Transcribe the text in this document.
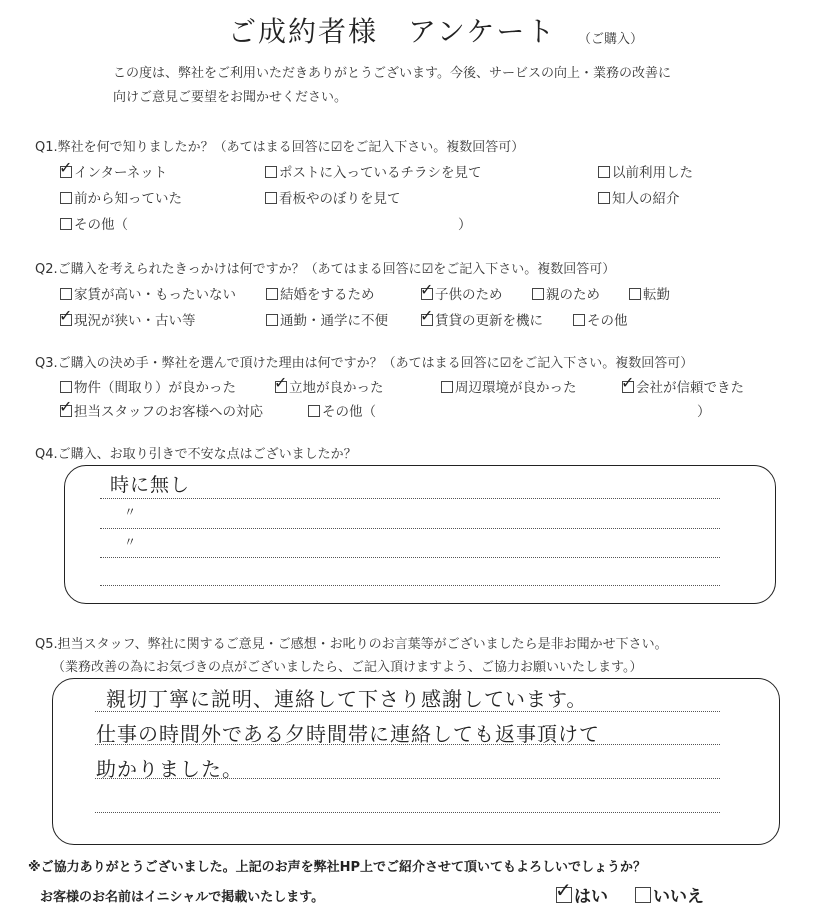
ご成約者様　アンケート （ご購入）
この度は、弊社をご利用いただきありがとうございます。今後、サービスの向上・業務の改善に
向けご意見ご要望をお聞かせください。
Q1.弊社を何で知りましたか？（あてはまる回答に☑をご記入下さい。複数回答可）
✓インターネット	ポストに入っているチラシを見て	以前利用した
前から知っていた	看板やのぼりを見て	知人の紹介
その他（	）
Q2.ご購入を考えられたきっかけは何ですか？（あてはまる回答に☑をご記入下さい。複数回答可）
家賃が高い・もったいない	結婚をするため ✓	子供のため	親のため	転勤
✓現況が狭い・古い等	通勤・通学に不便 ✓	賃貸の更新を機に	その他
Q3.ご購入の決め手・弊社を選んで頂けた理由は何ですか？（あてはまる回答に☑をご記入下さい。複数回答可）
物件（間取り）が良かった ✓	立地が良かった	周辺環境が良かった ✓	会社が信頼できた
✓担当スタッフのお客様への対応	その他（	）
Q4.ご購入、お取り引きで不安な点はございましたか？
時に無し
〃
〃
Q5.担当スタッフ、弊社に関するご意見・ご感想・お叱りのお言葉等がございましたら是非お聞かせ下さい。
（業務改善の為にお気づきの点がございましたら、ご記入頂けますよう、ご協力お願いいたします。）
親切丁寧に説明、連絡して下さり感謝しています。
仕事の時間外である夕時間帯に連絡しても返事頂けて
助かりました。
※ご協力ありがとうございました。上記のお声を弊社HP上でご紹介させて頂いてもよろしいでしょうか？
お客様のお名前はイニシャルで掲載いたします。 ✓	はい	いいえ
